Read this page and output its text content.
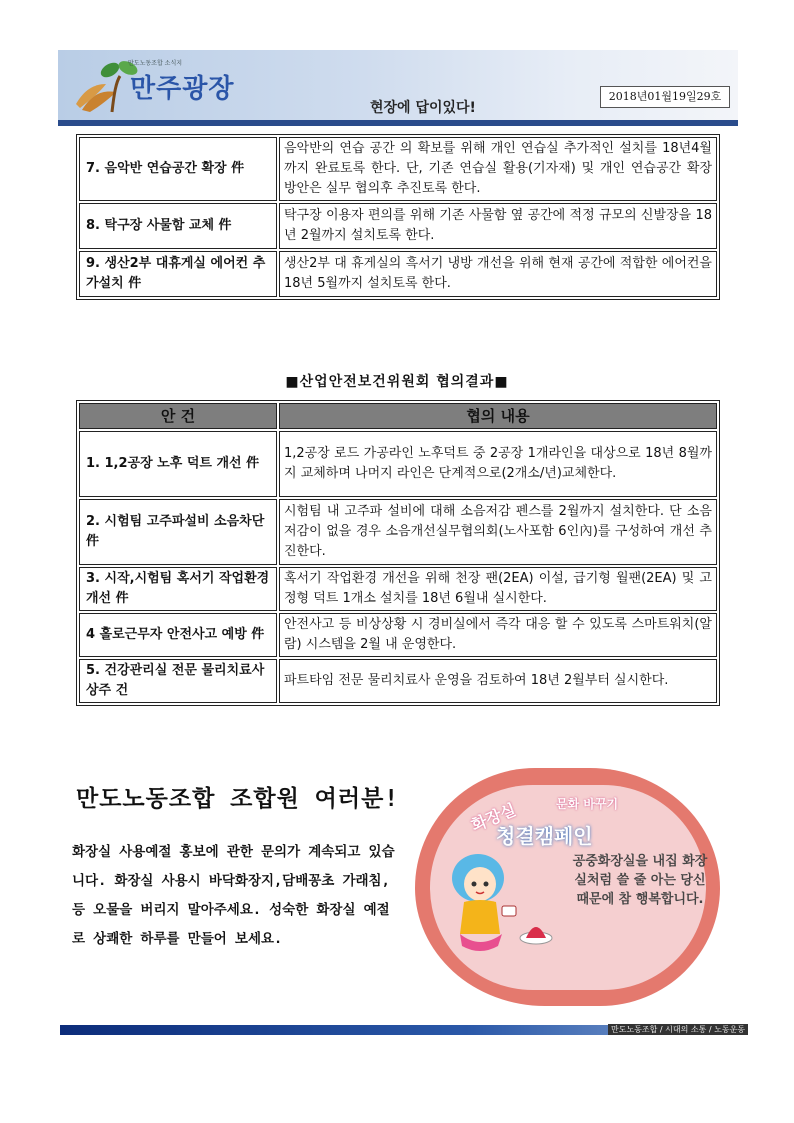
만도노동조합 소식지
만주광장
현장에 답이있다!
2018년01월19일29호
7. 음악반 연습공간 확장 件	음악반의 연습 공간 의 확보를 위해 개인 연습실 추가적인 설치를 18년4월까지 완료토록 한다. 단, 기존 연습실 활용(기자재) 및 개인 연습공간 확장 방안은 실무 협의후 추진토록 한다.
8. 탁구장 사물함 교체 件	탁구장 이용자 편의를 위해 기존 사물함 옆 공간에 적정 규모의 신발장을 18년 2월까지 설치토록 한다.
9. 생산2부 대휴게실 에어컨 추가설치 件	생산2부 대 휴게실의 흑서기 냉방 개선을 위해 현재 공간에 적합한 에어컨을 18년 5월까지 설치토록 한다.
■산업안전보건위원회 협의결과■
안 건	협의 내용
1. 1,2공장 노후 덕트 개선 件	1,2공장 로드 가공라인 노후덕트 중 2공장 1개라인을 대상으로 18년 8월까지 교체하며 나머지 라인은 단계적으로(2개소/년)교체한다.
2. 시험팀 고주파설비 소음차단 件	시험팀 내 고주파 설비에 대해 소음저감 펜스를 2월까지 설치한다. 단 소음저감이 없을 경우 소음개선실무협의회(노사포함 6인內)를 구성하여 개선 추진한다.
3. 시작,시험팀 혹서기 작업환경 개선 件	혹서기 작업환경 개선을 위해 천장 팬(2EA) 이설, 급기형 월팬(2EA) 및 고정형 덕트 1개소 설치를 18년 6월내 실시한다.
4 홀로근무자 안전사고 예방 件	안전사고 등 비상상황 시 경비실에서 즉각 대응 할 수 있도록 스마트워치(알람) 시스템을 2월 내 운영한다.
5. 건강관리실 전문 물리치료사 상주 건	파트타임 전문 물리치료사 운영을 검토하여 18년 2월부터 실시한다.
만도노동조합 조합원 여러분!
화장실 사용예절 홍보에 관한 문의가 계속되고 있습니다. 화장실 사용시 바닥화장지,담배꽁초 가래침,등 오물을 버리지 말아주세요. 성숙한 화장실 예절로 상쾌한 하루를 만들어 보세요.
화장실	문화 바꾸기
청결캠페인
공중화장실을 내집 화장실처럼 쓸 줄 아는 당신 때문에 참 행복합니다.
만도노동조합 / 시대의 소통 / 노동운동
